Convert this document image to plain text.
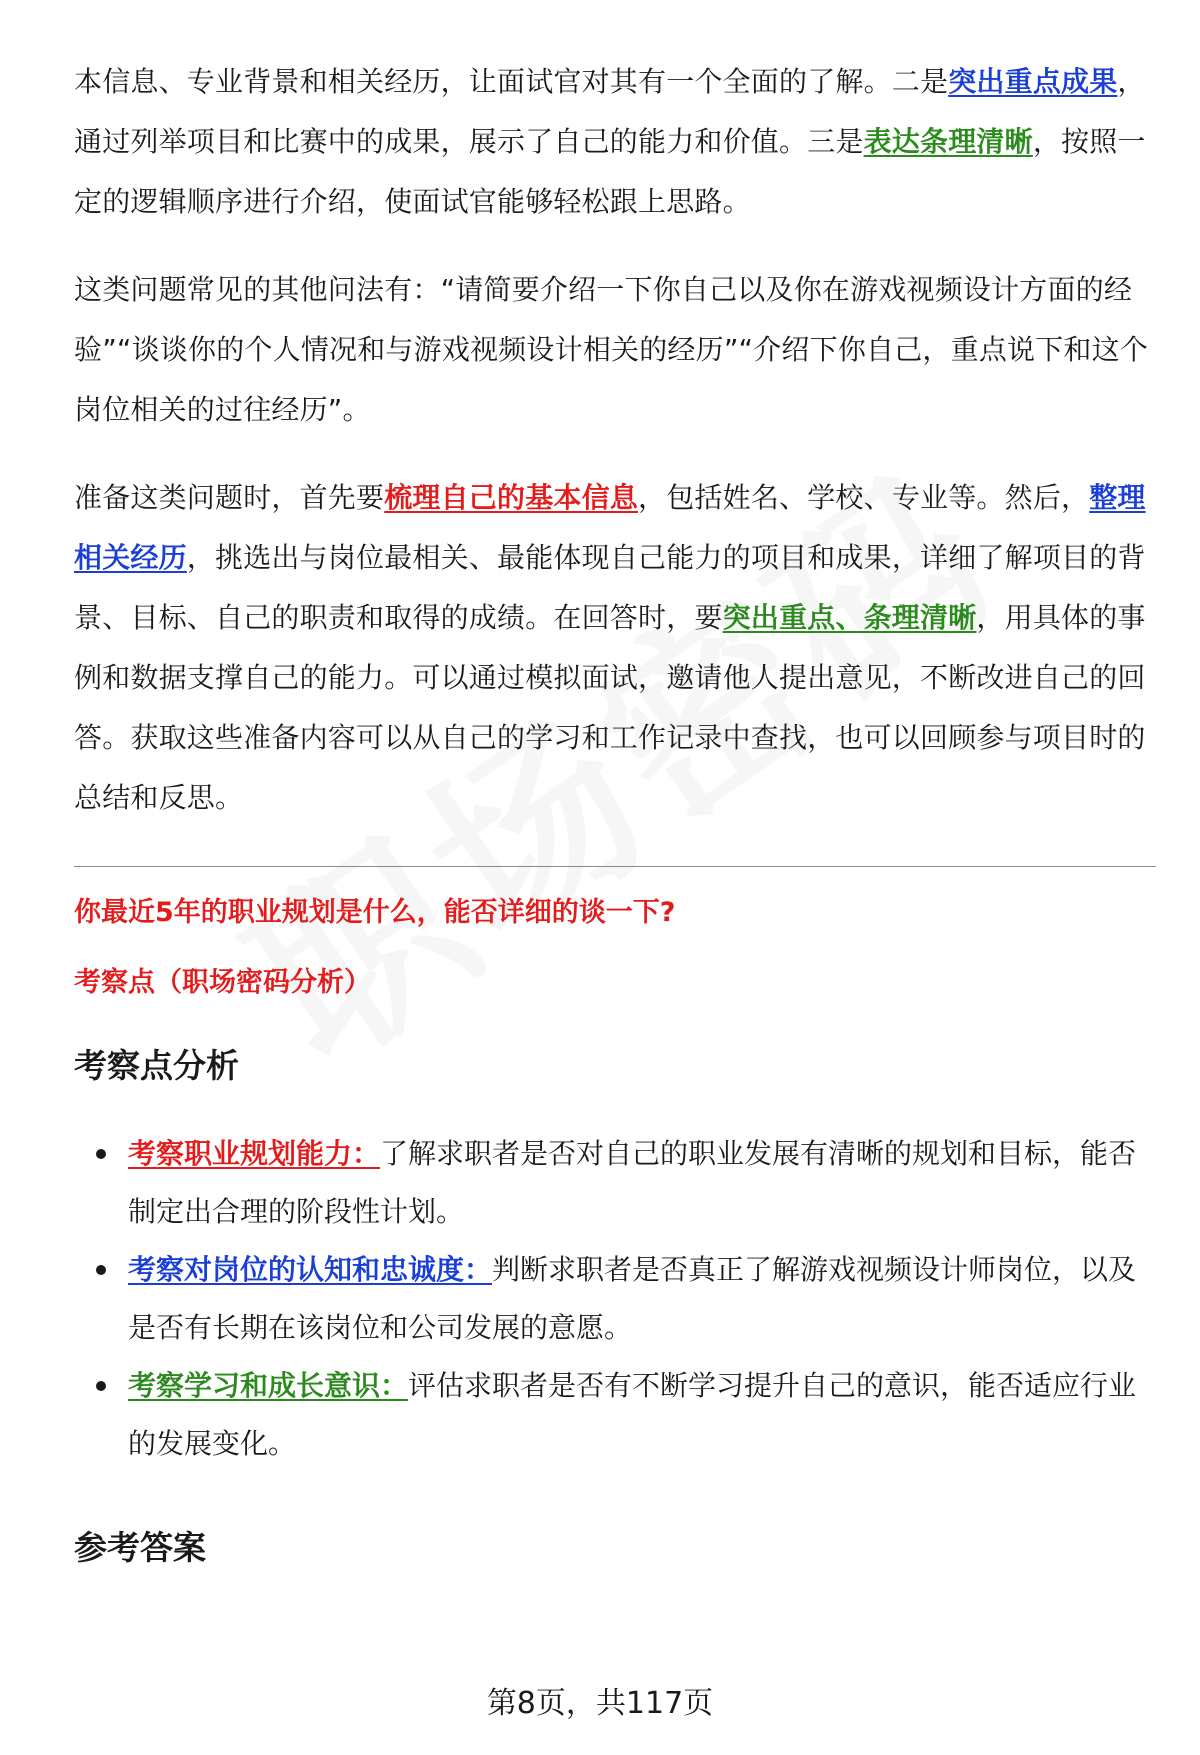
本信息、专业背景和相关经历，让面试官对其有一个全面的了解。二是突出重点成果，通过列举项目和比赛中的成果，展示了自己的能力和价值。三是表达条理清晰，按照一定的逻辑顺序进行介绍，使面试官能够轻松跟上思路。

这类问题常见的其他问法有：“请简要介绍一下你自己以及你在游戏视频设计方面的经验”“谈谈你的个人情况和与游戏视频设计相关的经历”“介绍下你自己，重点说下和这个岗位相关的过往经历”。

准备这类问题时，首先要梳理自己的基本信息，包括姓名、学校、专业等。然后，整理相关经历，挑选出与岗位最相关、最能体现自己能力的项目和成果，详细了解项目的背景、目标、自己的职责和取得的成绩。在回答时，要突出重点、条理清晰，用具体的事例和数据支撑自己的能力。可以通过模拟面试，邀请他人提出意见，不断改进自己的回答。获取这些准备内容可以从自己的学习和工作记录中查找，也可以回顾参与项目时的总结和反思。

你最近5年的职业规划是什么，能否详细的谈一下?
考察点（职场密码分析）
考察点分析
考察职业规划能力：了解求职者是否对自己的职业发展有清晰的规划和目标，能否制定出合理的阶段性计划。
考察对岗位的认知和忠诚度：判断求职者是否真正了解游戏视频设计师岗位，以及是否有长期在该岗位和公司发展的意愿。
考察学习和成长意识：评估求职者是否有不断学习提升自己的意识，能否适应行业的发展变化。
参考答案
第8页，共117页
